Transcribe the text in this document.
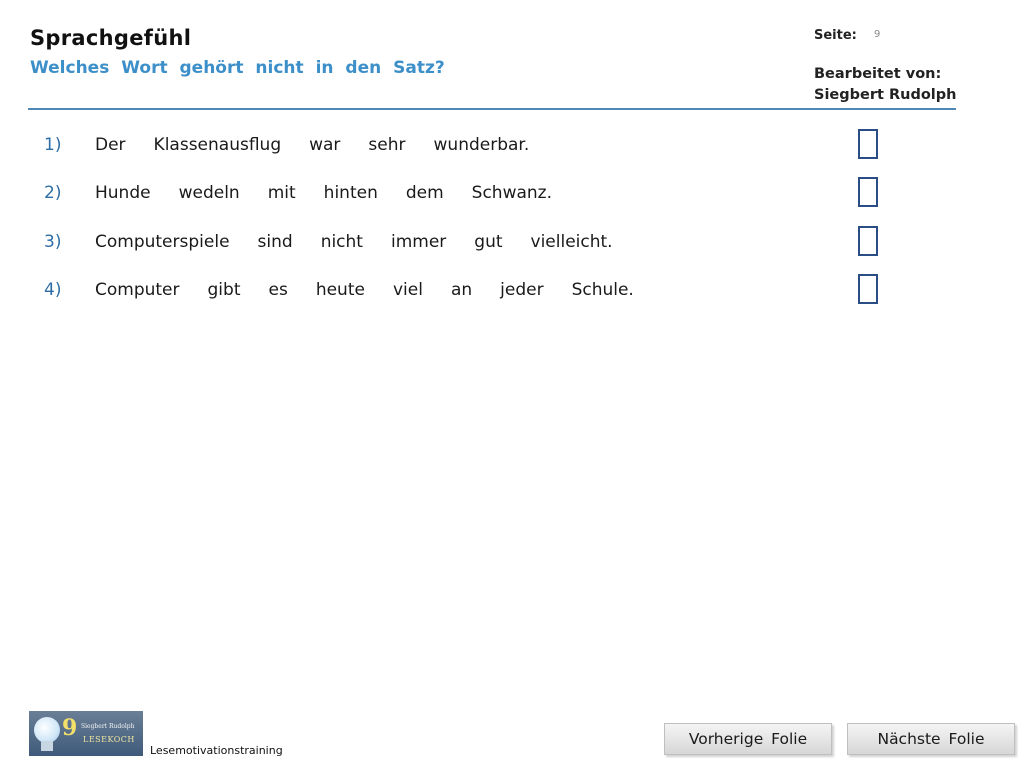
Sprachgefühl
Welches Wort gehört nicht in den Satz?
Seite: 9
Bearbeitet von:
Siegbert Rudolph
1)	Der Klassenausflug war sehr wunderbar.
2)	Hunde wedeln mit hinten dem Schwanz.
3)	Computerspiele sind nicht immer gut vielleicht.
4)	Computer gibt es heute viel an jeder Schule.
9 Siegbert Rudolph
LESEKOCH
Lesemotivationstraining
Vorherige Folie	Nächste Folie
